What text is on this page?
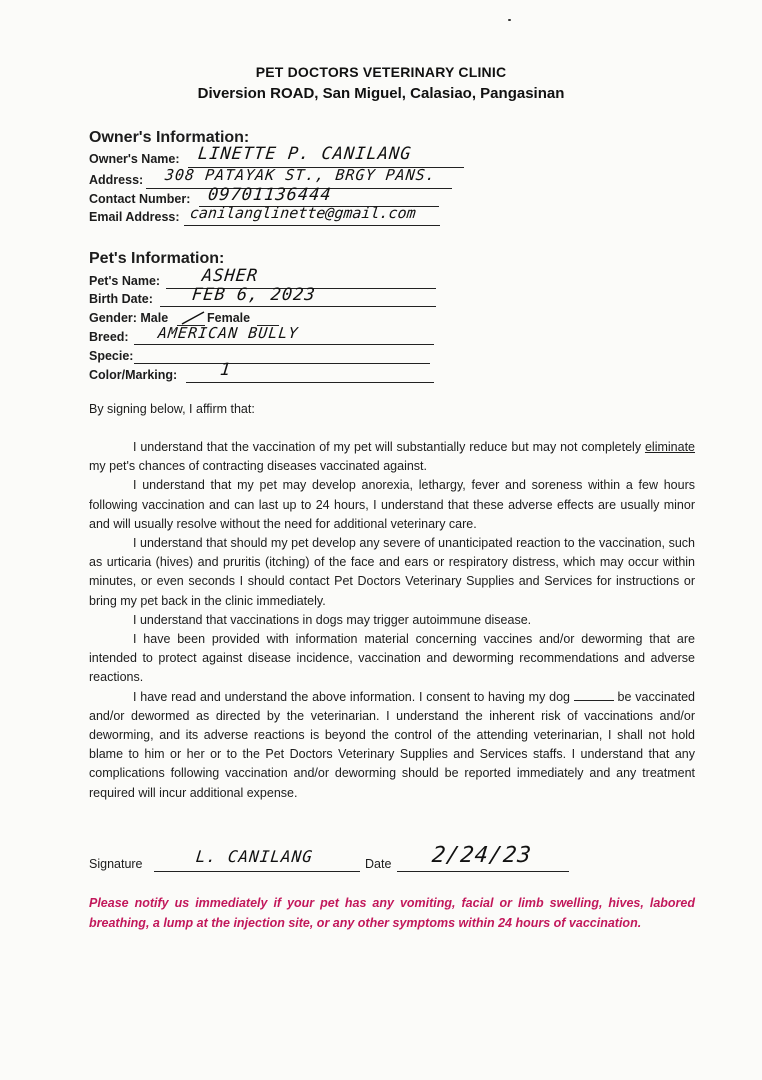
PET DOCTORS VETERINARY CLINIC
Diversion ROAD, San Miguel, Calasiao, Pangasinan
Owner's Information:
Owner's Name: LINETTE P. CANILANG
Address: 308 PATAYAK ST., BRGY PANS.
Contact Number: 09701136444
Email Address: canilanglinette@gmail.com
Pet's Information:
Pet's Name: ASHER
Birth Date: FEB 6, 2023
Gender: Male	Female
Breed: AMERICAN BULLY
Specie:
Color/Marking: 1
By signing below, I affirm that:

I understand that the vaccination of my pet will substantially reduce but may not completely eliminate my pet's chances of contracting diseases vaccinated against.

I understand that my pet may develop anorexia, lethargy, fever and soreness within a few hours following vaccination and can last up to 24 hours, I understand that these adverse effects are usually minor and will usually resolve without the need for additional veterinary care.

I understand that should my pet develop any severe of unanticipated reaction to the vaccination, such as urticaria (hives) and pruritis (itching) of the face and ears or respiratory distress, which may occur within minutes, or even seconds I should contact Pet Doctors Veterinary Supplies and Services for instructions or bring my pet back in the clinic immediately.

I understand that vaccinations in dogs may trigger autoimmune disease.

I have been provided with information material concerning vaccines and/or deworming that are intended to protect against disease incidence, vaccination and deworming recommendations and adverse reactions.

I have read and understand the above information. I consent to having my dog	be vaccinated and/or dewormed as directed by the veterinarian. I understand the inherent risk of vaccinations and/or deworming, and its adverse reactions is beyond the control of the attending veterinarian, I shall not hold blame to him or her or to the Pet Doctors Veterinary Supplies and Services staffs. I understand that any complications following vaccination and/or deworming should be reported immediately and any treatment required will incur additional expense.

Signature	L. CANILANG	Date 2/24/23
Please notify us immediately if your pet has any vomiting, facial or limb swelling, hives, labored breathing, a lump at the injection site, or any other symptoms within 24 hours of vaccination.
